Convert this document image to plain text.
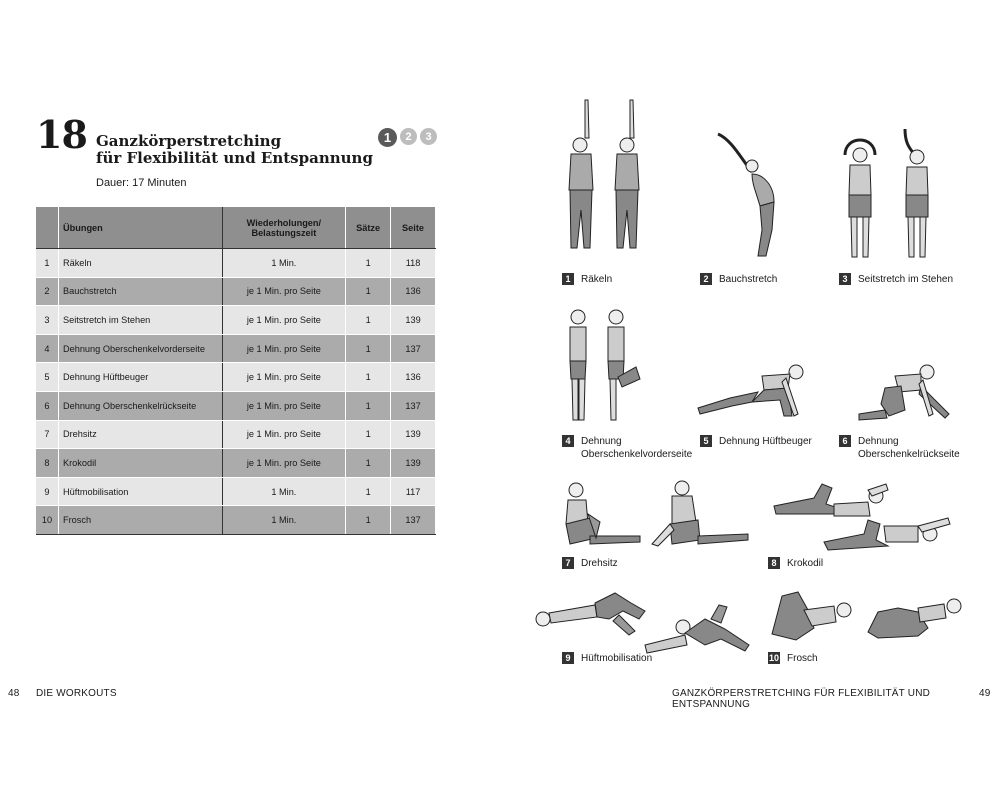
18 Ganzkörperstretching
für Flexibilität und Entspannung
Dauer: 17 Minuten
1	2	3
	Übungen	Wiederholungen/ Belastungszeit	Sätze	Seite
1	Räkeln	1 Min.	1	118
2	Bauchstretch	je 1 Min. pro Seite	1	136
3	Seitstretch im Stehen	je 1 Min. pro Seite	1	139
4	Dehnung Oberschenkelvorderseite	je 1 Min. pro Seite	1	137
5	Dehnung Hüftbeuger	je 1 Min. pro Seite	1	136
6	Dehnung Oberschenkelrückseite	je 1 Min. pro Seite	1	137
7	Drehsitz	je 1 Min. pro Seite	1	139
8	Krokodil	je 1 Min. pro Seite	1	139
9	Hüftmobilisation	1 Min.	1	117
10	Frosch	1 Min.	1	137
1	Räkeln	2	Bauchstretch	3	Seitstretch im Stehen
4	Dehnung Oberschenkelvorderseite
5	Dehnung Hüftbeuger	6	Dehnung Oberschenkelrückseite
7	Drehsitz	8	Krokodil
9	Hüftmobilisation	10 Frosch
48 DIE WORKOUTS	GANZKÖRPERSTRETCHING FÜR FLEXIBILITÄT UND ENTSPANNUNG
49
